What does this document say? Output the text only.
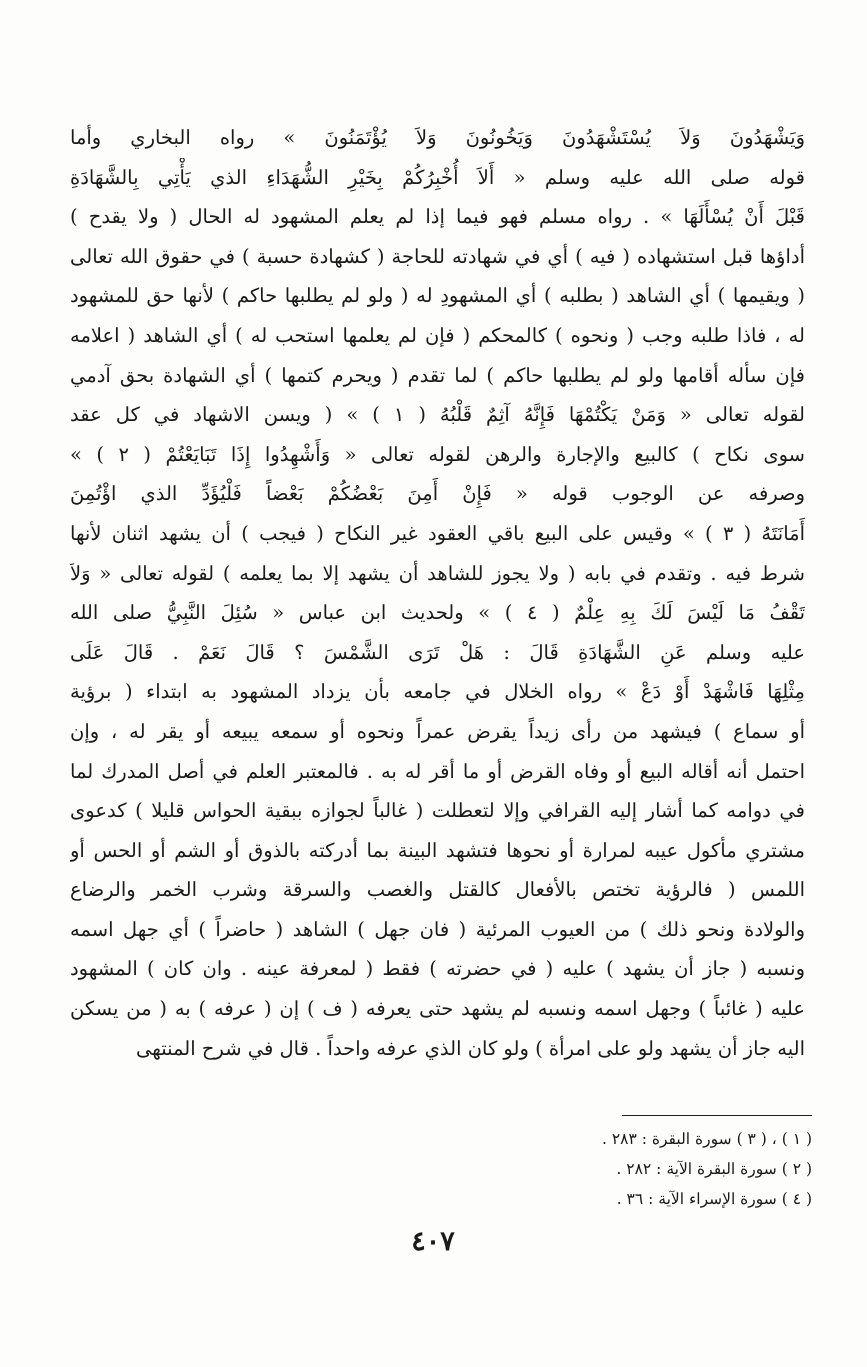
وَيَشْهَدُونَ وَلاَ يُسْتَشْهَدُونَ وَيَخُونُونَ وَلاَ يُؤْتَمَنُونَ » رواه البخاري وأما
قوله صلى الله عليه وسلم « أَلاَ أُخْبِرُكُمْ بِخَيْرِ الشُّهَدَاءِ الذي يَأْتِي بِالشَّهَادَةِ
قَبْلَ أَنْ يُسْأَلَهَا » . رواه مسلم فهو فيما إذا لم يعلم المشهود له الحال ( ولا يقدح )
أداؤها قبل استشهاده ( فيه ) أي في شهادته للحاجة ( كشهادة حسبة ) في حقوق الله تعالى
( ويقيمها ) أي الشاهد ( بطلبه ) أي المشهودِ له ( ولو لم يطلبها حاكم ) لأنها حق للمشهود
له ، فاذا طلبه وجب ( ونحوه ) كالمحكم ( فإن لم يعلمها استحب له ) أي الشاهد ( اعلامه
فإن سأله أقامها ولو لم يطلبها حاكم ) لما تقدم ( ويحرم كتمها ) أي الشهادة بحق آدمي
لقوله تعالى « وَمَنْ يَكْتُمْهَا فَإِنَّهُ آثِمٌ قَلْبُهُ ( ١ ) » ( ويسن الاشهاد في كل عقد
سوى نكاح ) كالبيع والإجارة والرهن لقوله تعالى « وَأَشْهِدُوا إِذَا تَبَايَعْتُمْ ( ٢ ) »
وصرفه عن الوجوب قوله « فَإِنْ أَمِنَ بَعْضُكُمْ بَعْضاً فَلْيُؤَدِّ الذي اؤْتُمِنَ
أَمَانَتَهُ ( ٣ ) » وقيس على البيع باقي العقود غير النكاح ( فيجب ) أن يشهد اثنان لأنها
شرط فيه . وتقدم في بابه ( ولا يجوز للشاهد أن يشهد إلا بما يعلمه ) لقوله تعالى « وَلاَ
تَقْفُ مَا لَيْسَ لَكَ بِهِ عِلْمٌ ( ٤ ) » ولحديث ابن عباس « سُئِلَ النَّبِيُّ صلى الله
عليه وسلم عَنِ الشَّهَادَةِ قَالَ : هَلْ تَرَى الشَّمْسَ ؟ قَالَ نَعَمْ . قَالَ عَلَى
مِثْلِهَا فَاشْهَدْ أَوْ دَعْ » رواه الخلال في جامعه بأن يزداد المشهود به ابتداء ( برؤية
أو سماع ) فيشهد من رأى زيداً يقرض عمراً ونحوه أو سمعه يبيعه أو يقر له ، وإن
احتمل أنه أقاله البيع أو وفاه القرض أو ما أقر له به . فالمعتبر العلم في أصل المدرك لما
في دوامه كما أشار إليه القرافي وإلا لتعطلت ( غالباً لجوازه ببقية الحواس قليلا ) كدعوى
مشتري مأكول عيبه لمرارة أو نحوها فتشهد البينة بما أدركته بالذوق أو الشم أو الحس أو
اللمس ( فالرؤية تختص بالأفعال كالقتل والغصب والسرقة وشرب الخمر والرضاع
والولادة ونحو ذلك ) من العيوب المرئية ( فان جهل ) الشاهد ( حاضراً ) أي جهل اسمه
ونسبه ( جاز أن يشهد ) عليه ( في حضرته ) فقط ( لمعرفة عينه . وان كان ) المشهود
عليه ( غائباً ) وجهل اسمه ونسبه لم يشهد حتى يعرفه ( ف ) إن ( عرفه ) به ( من يسكن
اليه جاز أن يشهد ولو على امرأة ) ولو كان الذي عرفه واحداً . قال في شرح المنتهى
( ١ ) ، ( ٣ ) سورة البقرة : ٢٨٣ .
( ٢ ) سورة البقرة الآية : ٢٨٢ .
( ٤ ) سورة الإسراء الآية : ٣٦ .
٤٠٧
